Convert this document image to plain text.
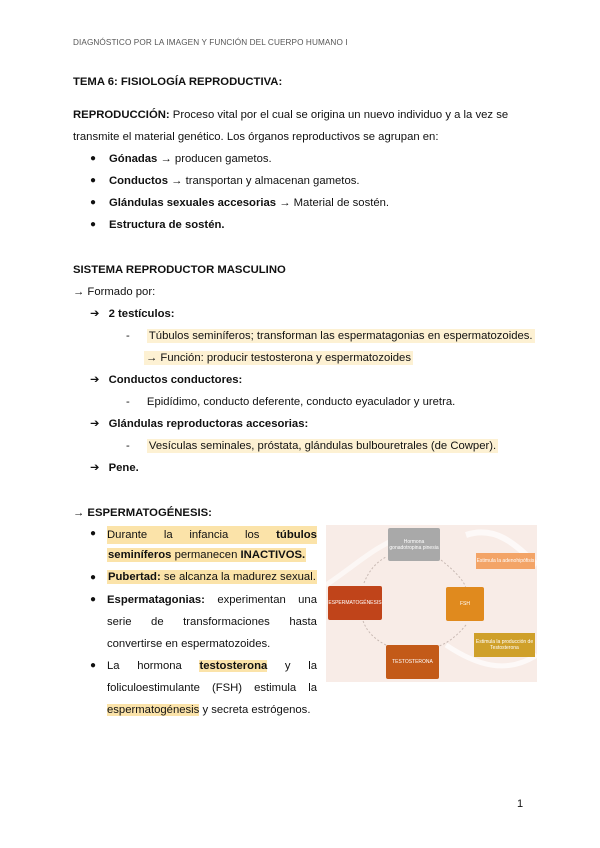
DIAGNÓSTICO POR LA IMAGEN Y FUNCIÓN DEL CUERPO HUMANO I
TEMA 6: FISIOLOGÍA REPRODUCTIVA:
REPRODUCCIÓN: Proceso vital por el cual se origina un nuevo individuo y a la vez se
transmite el material genético. Los órganos reproductivos se agrupan en:
● Gónadas → producen gametos.
● Conductos → transportan y almacenan gametos.
● Glándulas sexuales accesorias → Material de sostén.
● Estructura de sostén.
SISTEMA REPRODUCTOR MASCULINO
→ Formado por:
➔ 2 testículos:
- Túbulos seminíferos; transforman las espermatagonias en espermatozoides.
→ Función: producir testosterona y espermatozoides
➔ Conductos conductores:
- Epidídimo, conducto deferente, conducto eyaculador y uretra.
➔ Glándulas reproductoras accesorias:
- Vesículas seminales, próstata, glándulas bulbouretrales (de Cowper).
➔ Pene.
→ ESPERMATOGÉNESIS:
● Durante la infancia los túbulos
seminíferos permanecen INACTIVOS.
● Pubertad: se alcanza la madurez sexual.
● Espermatagonias: experimentan una
serie de transformaciones hasta
convertirse en espermatozoides.
● La hormona testosterona y la
foliculoestimulante (FSH) estimula la
espermatogénesis y secreta estrógenos.
Hormona gonadotropina pinesia
FSH
TESTOSTERONA
ESPERMATOGÉNESIS
Estimula la adenohipófisis
Estimula la producción de Testosterona
1
